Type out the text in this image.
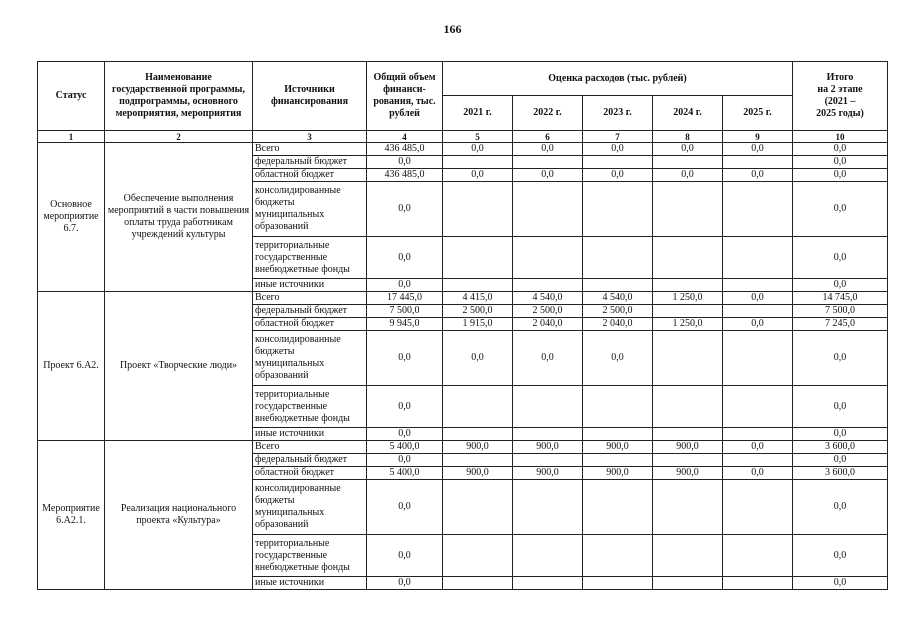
166
Статус	Наименование государственной программы, подпрограммы, основного мероприятия, мероприятия	Источники финансирования	Общий объем финанси-рования, тыс. рублей	Оценка расходов (тыс. рублей)					Итого
на 2 этапе
(2021 –
2025 годы)
				2021 г.	2022 г.	2023 г.	2024 г.	2025 г.	
1	2	3	4	5	6	7	8	9	10
Основное мероприятие 6.7.	Обеспечение выполнения мероприятий в части повышения оплаты труда работникам учреждений культуры	Всего	436 485,0	0,0	0,0	0,0	0,0	0,0	0,0
		федеральный бюджет	0,0						0,0
		областной бюджет	436 485,0	0,0	0,0	0,0	0,0	0,0	0,0
		консолидированные бюджеты муниципальных образований	0,0						0,0
		территориальные государственные внебюджетные фонды	0,0						0,0
		иные источники	0,0						0,0
Проект 6.А2.	Проект «Творческие люди»	Всего	17 445,0	4 415,0	4 540,0	4 540,0	1 250,0	0,0	14 745,0
		федеральный бюджет	7 500,0	2 500,0	2 500,0	2 500,0			7 500,0
		областной бюджет	9 945,0	1 915,0	2 040,0	2 040,0	1 250,0	0,0	7 245,0
		консолидированные бюджеты муниципальных образований	0,0	0,0	0,0	0,0			0,0
		территориальные государственные внебюджетные фонды	0,0						0,0
		иные источники	0,0						0,0
Мероприятие 6.А2.1.	Реализация национального проекта «Культура»	Всего	5 400,0	900,0	900,0	900,0	900,0	0,0	3 600,0
		федеральный бюджет	0,0						0,0
		областной бюджет	5 400,0	900,0	900,0	900,0	900,0	0,0	3 600,0
		консолидированные бюджеты муниципальных образований	0,0						0,0
		территориальные государственные внебюджетные фонды	0,0						0,0
		иные источники	0,0						0,0
